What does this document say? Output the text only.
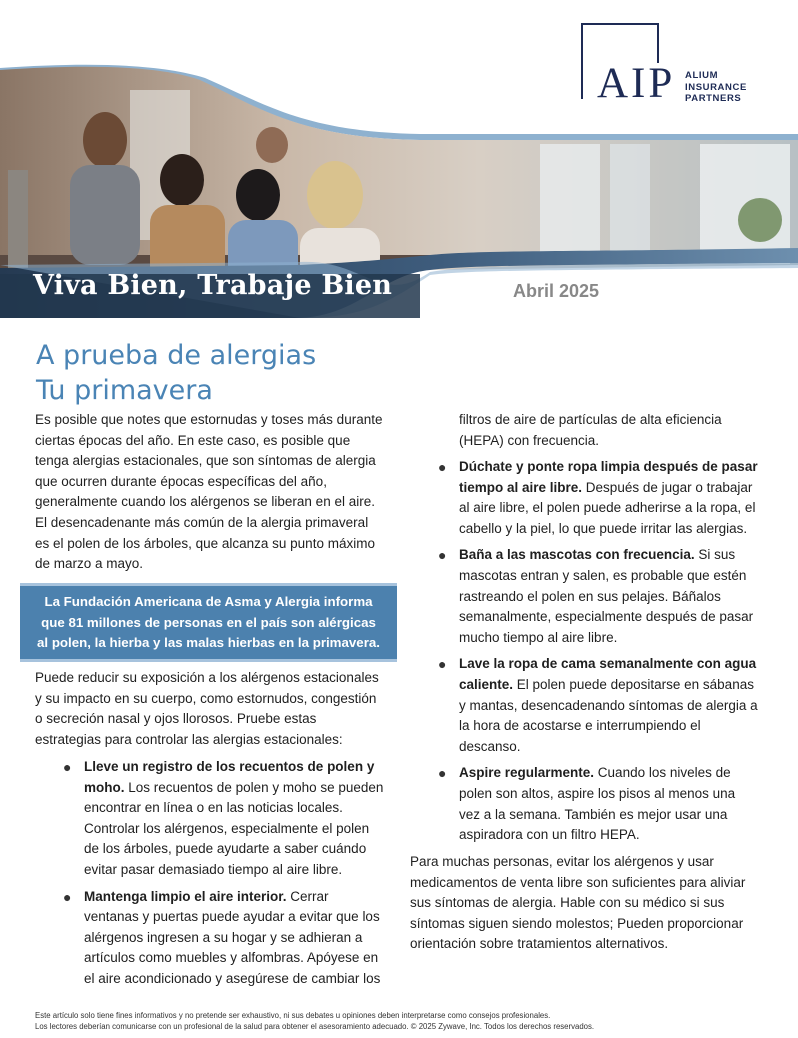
AIP ALIUM
INSURANCE
PARTNERS
Viva Bien, Trabaje Bien	Abril 2025
A prueba de alergias
Tu primavera

Es posible que notes que estornudas y toses más durante ciertas épocas del año. En este caso, es posible que tenga alergias estacionales, que son síntomas de alergia que ocurren durante épocas específicas del año, generalmente cuando los alérgenos se liberan en el aire. El desencadenante más común de la alergia primaveral es el polen de los árboles, que alcanza su punto máximo de marzo a mayo.

La Fundación Americana de Asma y Alergia informa que 81 millones de personas en el país son alérgicas al polen, la hierba y las malas hierbas en la primavera.

Puede reducir su exposición a los alérgenos estacionales y su impacto en su cuerpo, como estornudos, congestión o secreción nasal y ojos llorosos. Pruebe estas estrategias para controlar las alergias estacionales:

● Lleve un registro de los recuentos de polen y moho. Los recuentos de polen y moho se pueden encontrar en línea o en las noticias locales. Controlar los alérgenos, especialmente el polen de los árboles, puede ayudarte a saber cuándo evitar pasar demasiado tiempo al aire libre.
● Mantenga limpio el aire interior. Cerrar ventanas y puertas puede ayudar a evitar que los alérgenos ingresen a su hogar y se adhieran a artículos como muebles y alfombras. Apóyese en el aire acondicionado y asegúrese de cambiar los
filtros de aire de partículas de alta eficiencia (HEPA) con frecuencia.
● Dúchate y ponte ropa limpia después de pasar tiempo al aire libre. Después de jugar o trabajar al aire libre, el polen puede adherirse a la ropa, el cabello y la piel, lo que puede irritar las alergias.
● Baña a las mascotas con frecuencia. Si sus mascotas entran y salen, es probable que estén rastreando el polen en sus pelajes. Báñalos semanalmente, especialmente después de pasar mucho tiempo al aire libre.
● Lave la ropa de cama semanalmente con agua caliente. El polen puede depositarse en sábanas y mantas, desencadenando síntomas de alergia a la hora de acostarse e interrumpiendo el descanso.
● Aspire regularmente. Cuando los niveles de polen son altos, aspire los pisos al menos una vez a la semana. También es mejor usar una aspiradora con un filtro HEPA.
Para muchas personas, evitar los alérgenos y usar medicamentos de venta libre son suficientes para aliviar sus síntomas de alergia. Hable con su médico si sus síntomas siguen siendo molestos; Pueden proporcionar orientación sobre tratamientos alternativos.
Este artículo solo tiene fines informativos y no pretende ser exhaustivo, ni sus debates u opiniones deben interpretarse como consejos profesionales.
Los lectores deberían comunicarse con un profesional de la salud para obtener el asesoramiento adecuado. © 2025 Zywave, Inc. Todos los derechos reservados.
